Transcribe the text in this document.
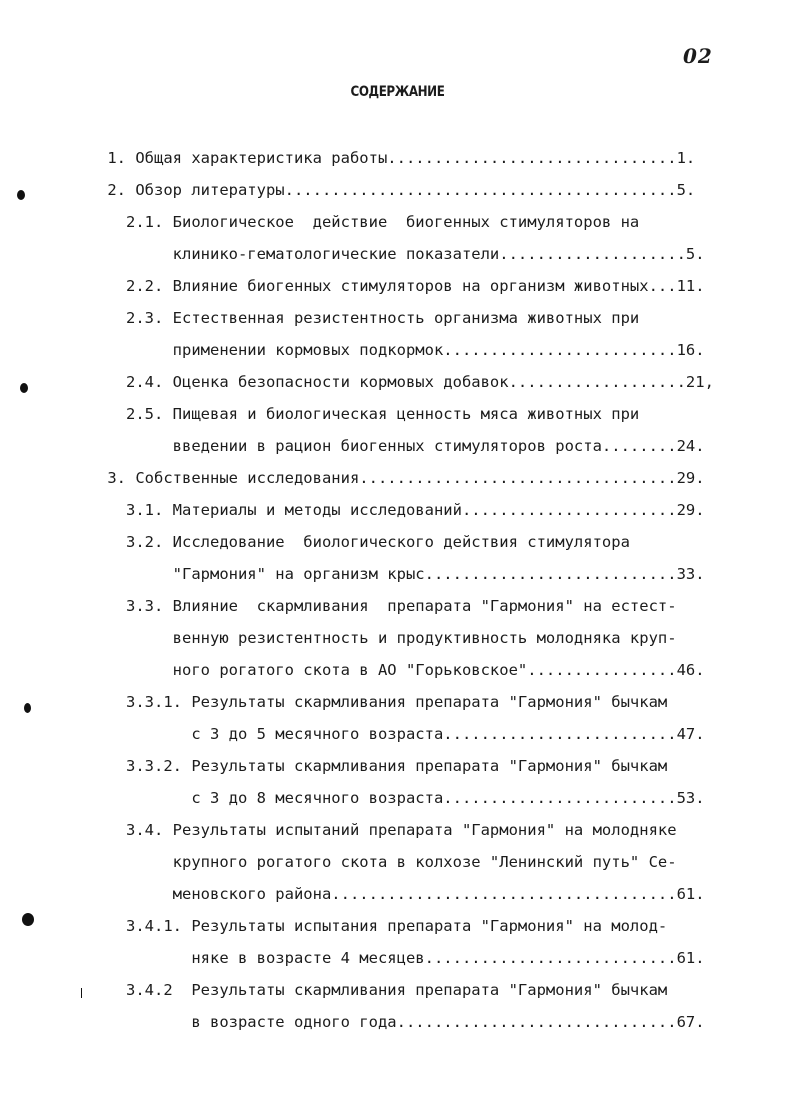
02
СОДЕРЖАНИЕ
1. Общая характеристика работы...............................1.
2. Обзор литературы..........................................5.
2.1. Биологическое  действие  биогенных стимуляторов на
клинико-гематологические показатели....................5.
2.2. Влияние биогенных стимуляторов на организм животных...11.
2.3. Естественная резистентность организма животных при
применении кормовых подкормок.........................16.
2.4. Оценка безопасности кормовых добавок...................21,
2.5. Пищевая и биологическая ценность мяса животных при
введении в рацион биогенных стимуляторов роста........24.
3. Собственные исследования..................................29.
3.1. Материалы и методы исследований.......................29.
3.2. Исследование  биологического действия стимулятора
"Гармония" на организм крыс...........................33.
3.3. Влияние  скармливания  препарата "Гармония" на естест-
венную резистентность и продуктивность молодняка круп-
ного рогатого скота в АО "Горьковское"................46.
3.3.1. Результаты скармливания препарата "Гармония" бычкам
с 3 до 5 месячного возраста.........................47.
3.3.2. Результаты скармливания препарата "Гармония" бычкам
с 3 до 8 месячного возраста.........................53.
3.4. Результаты испытаний препарата "Гармония" на молодняке
крупного рогатого скота в колхозе "Ленинский путь" Се-
меновского района.....................................61.
3.4.1. Результаты испытания препарата "Гармония" на молод-
няке в возрасте 4 месяцев...........................61.
3.4.2  Результаты скармливания препарата "Гармония" бычкам
в возрасте одного года..............................67.
